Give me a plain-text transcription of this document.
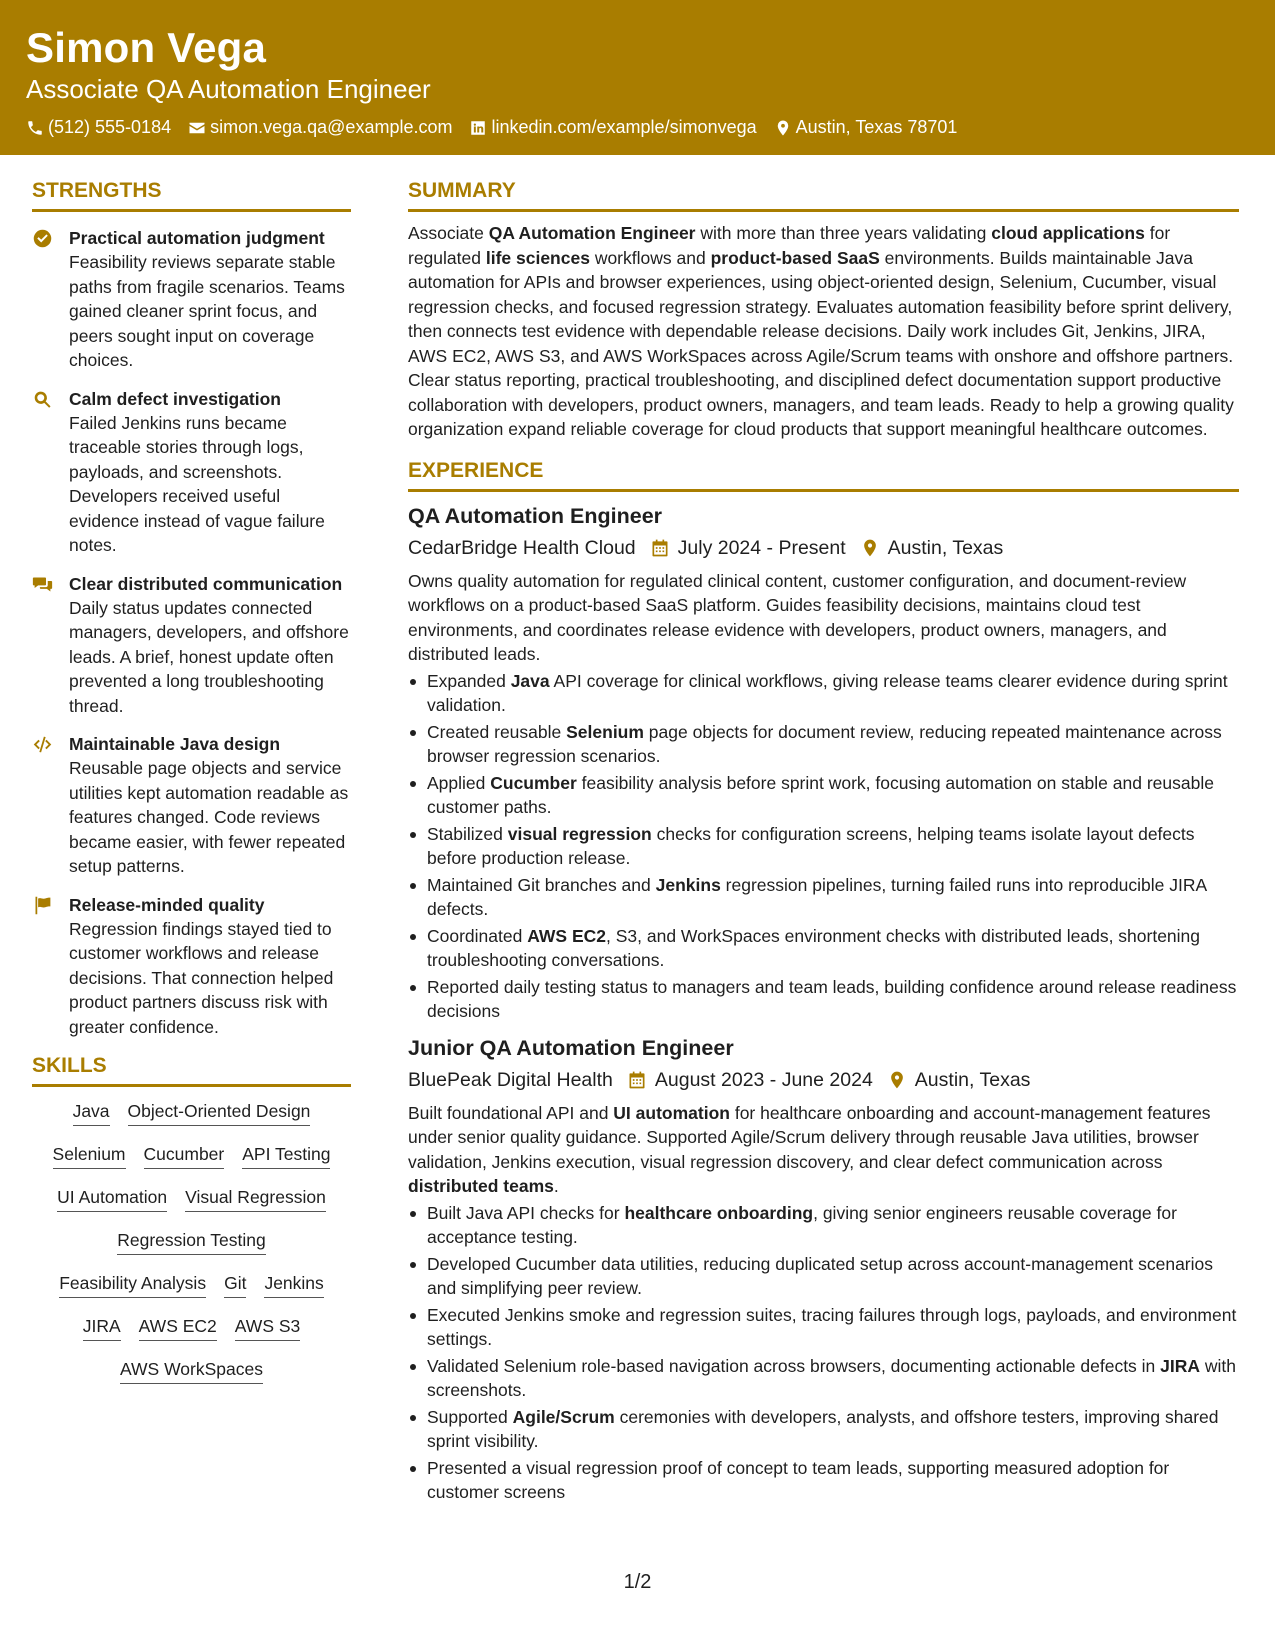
Simon Vega
Associate QA Automation Engineer
(512) 555-0184 simon.vega.qa@example.com linkedin.com/example/simonvega Austin, Texas 78701
STRENGTHS
Practical automation judgment
Feasibility reviews separate stable paths from fragile scenarios. Teams gained cleaner sprint focus, and peers sought input on coverage choices.
Calm defect investigation
Failed Jenkins runs became traceable stories through logs, payloads, and screenshots. Developers received useful evidence instead of vague failure notes.
Clear distributed communication
Daily status updates connected managers, developers, and offshore leads. A brief, honest update often prevented a long troubleshooting thread.
Maintainable Java design
Reusable page objects and service utilities kept automation readable as features changed. Code reviews became easier, with fewer repeated setup patterns.
Release-minded quality
Regression findings stayed tied to customer workflows and release decisions. That connection helped product partners discuss risk with greater confidence.
SKILLS
Java Object-Oriented Design
Selenium Cucumber API Testing
UI Automation Visual Regression
Regression Testing
Feasibility Analysis Git Jenkins
JIRA AWS EC2 AWS S3
AWS WorkSpaces
SUMMARY
Associate QA Automation Engineer with more than three years validating cloud applications for regulated life sciences workflows and product-based SaaS environments. Builds maintainable Java automation for APIs and browser experiences, using object-oriented design, Selenium, Cucumber, visual regression checks, and focused regression strategy. Evaluates automation feasibility before sprint delivery, then connects test evidence with dependable release decisions. Daily work includes Git, Jenkins, JIRA, AWS EC2, AWS S3, and AWS WorkSpaces across Agile/Scrum teams with onshore and offshore partners. Clear status reporting, practical troubleshooting, and disciplined defect documentation support productive collaboration with developers, product owners, managers, and team leads. Ready to help a growing quality organization expand reliable coverage for cloud products that support meaningful healthcare outcomes.
EXPERIENCE
QA Automation Engineer
CedarBridge Health Cloud July 2024 - Present Austin, Texas
Owns quality automation for regulated clinical content, customer configuration, and document-review workflows on a product-based SaaS platform. Guides feasibility decisions, maintains cloud test environments, and coordinates release evidence with developers, product owners, managers, and distributed leads.
Expanded Java API coverage for clinical workflows, giving release teams clearer evidence during sprint validation.
Created reusable Selenium page objects for document review, reducing repeated maintenance across browser regression scenarios.
Applied Cucumber feasibility analysis before sprint work, focusing automation on stable and reusable customer paths.
Stabilized visual regression checks for configuration screens, helping teams isolate layout defects before production release.
Maintained Git branches and Jenkins regression pipelines, turning failed runs into reproducible JIRA defects.
Coordinated AWS EC2, S3, and WorkSpaces environment checks with distributed leads, shortening troubleshooting conversations.
Reported daily testing status to managers and team leads, building confidence around release readiness decisions
Junior QA Automation Engineer
BluePeak Digital Health August 2023 - June 2024 Austin, Texas
Built foundational API and UI automation for healthcare onboarding and account-management features under senior quality guidance. Supported Agile/Scrum delivery through reusable Java utilities, browser validation, Jenkins execution, visual regression discovery, and clear defect communication across distributed teams.
Built Java API checks for healthcare onboarding, giving senior engineers reusable coverage for acceptance testing.
Developed Cucumber data utilities, reducing duplicated setup across account-management scenarios and simplifying peer review.
Executed Jenkins smoke and regression suites, tracing failures through logs, payloads, and environment settings.
Validated Selenium role-based navigation across browsers, documenting actionable defects in JIRA with screenshots.
Supported Agile/Scrum ceremonies with developers, analysts, and offshore testers, improving shared sprint visibility.
Presented a visual regression proof of concept to team leads, supporting measured adoption for customer screens
1/2
